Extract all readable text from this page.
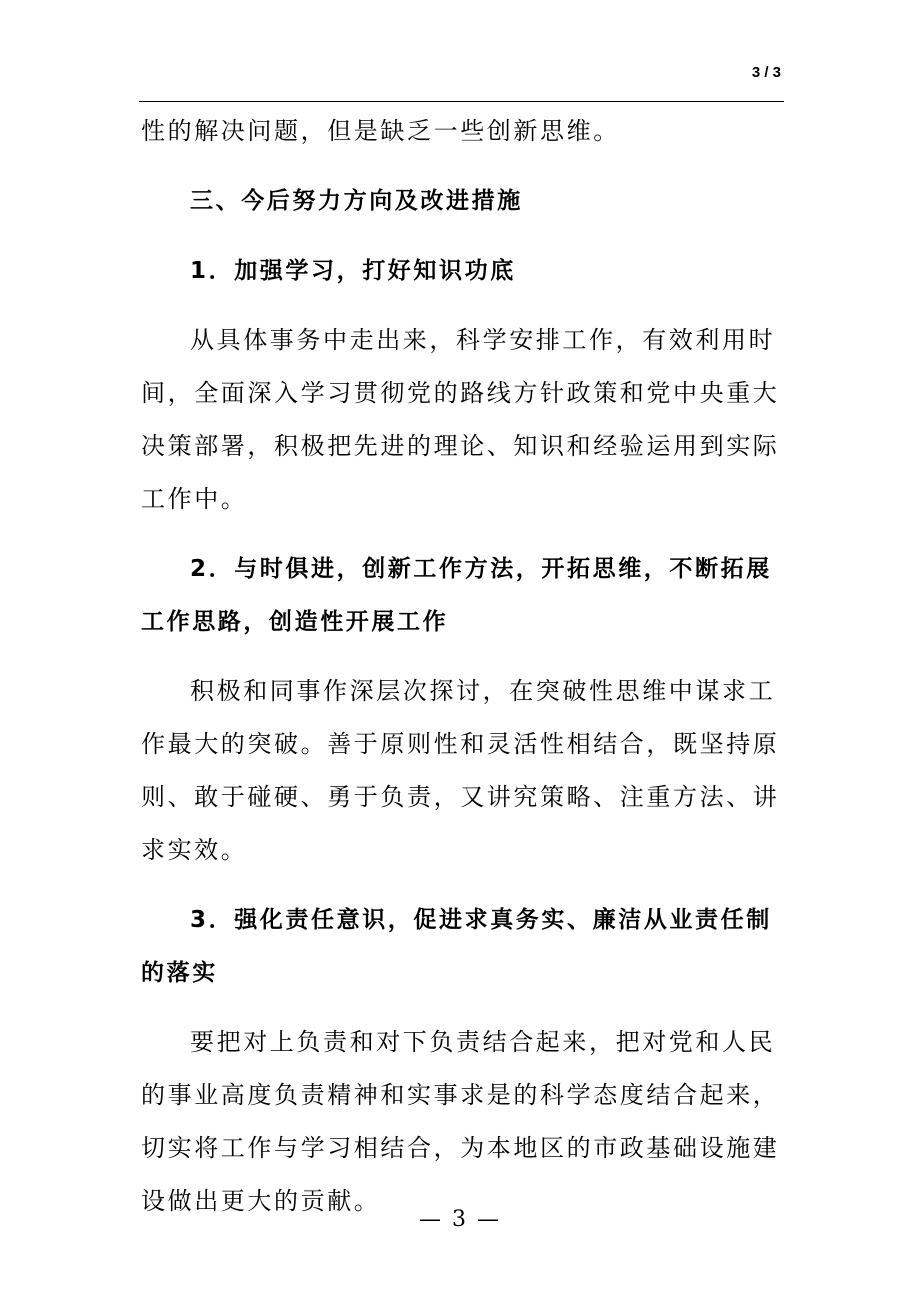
3 / 3

性的解决问题，但是缺乏一些创新思维。

三、今后努力方向及改进措施

1．加强学习，打好知识功底

从具体事务中走出来，科学安排工作，有效利用时间，全面深入学习贯彻党的路线方针政策和党中央重大决策部署，积极把先进的理论、知识和经验运用到实际工作中。

2．与时俱进，创新工作方法，开拓思维，不断拓展工作思路，创造性开展工作

积极和同事作深层次探讨，在突破性思维中谋求工作最大的突破。善于原则性和灵活性相结合，既坚持原则、敢于碰硬、勇于负责，又讲究策略、注重方法、讲求实效。

3．强化责任意识，促进求真务实、廉洁从业责任制的落实

要把对上负责和对下负责结合起来，把对党和人民的事业高度负责精神和实事求是的科学态度结合起来，切实将工作与学习相结合，为本地区的市政基础设施建设做出更大的贡献。

— 3 —
